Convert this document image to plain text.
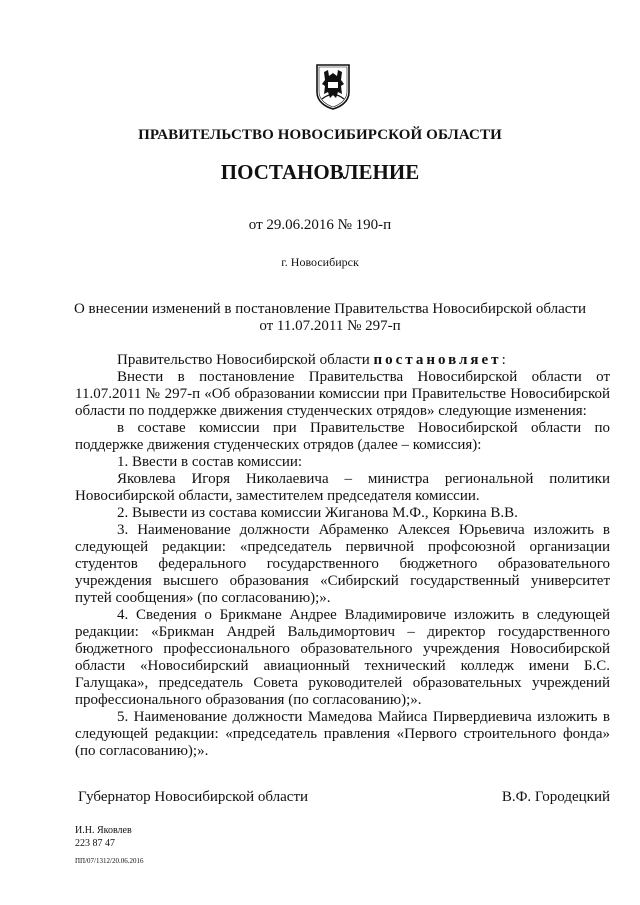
ПРАВИТЕЛЬСТВО НОВОСИБИРСКОЙ ОБЛАСТИ
ПОСТАНОВЛЕНИЕ
от 29.06.2016 № 190-п
г. Новосибирск
О внесении изменений в постановление Правительства Новосибирской области
от 11.07.2011 № 297-п

Правительство Новосибирской области постановляет:

Внести в постановление Правительства Новосибирской области от 11.07.2011 № 297-п «Об образовании комиссии при Правительстве Новосибирской области по поддержке движения студенческих отрядов» следующие изменения:

в составе комиссии при Правительстве Новосибирской области по поддержке движения студенческих отрядов (далее – комиссия):

1. Ввести в состав комиссии:

Яковлева Игоря Николаевича – министра региональной политики Новосибирской области, заместителем председателя комиссии.

2. Вывести из состава комиссии Жиганова М.Ф., Коркина В.В.

3. Наименование должности Абраменко Алексея Юрьевича изложить в следующей редакции: «председатель первичной профсоюзной организации студентов федерального государственного бюджетного образовательного учреждения высшего образования «Сибирский государственный университет путей сообщения» (по согласованию);».

4. Сведения о Брикмане Андрее Владимировиче изложить в следующей редакции: «Брикман Андрей Вальдимортович – директор государственного бюджетного профессионального образовательного учреждения Новосибирской области «Новосибирский авиационный технический колледж имени Б.С. Галущака», председатель Совета руководителей образовательных учреждений профессионального образования (по согласованию);».

5. Наименование должности Мамедова Майиса Пирвердиевича изложить в следующей редакции: «председатель правления «Первого строительного фонда» (по согласованию);».

Губернатор Новосибирской области	В.Ф. Городецкий
И.Н. Яковлев
223 87 47
ПП/07/1312/20.06.2016
